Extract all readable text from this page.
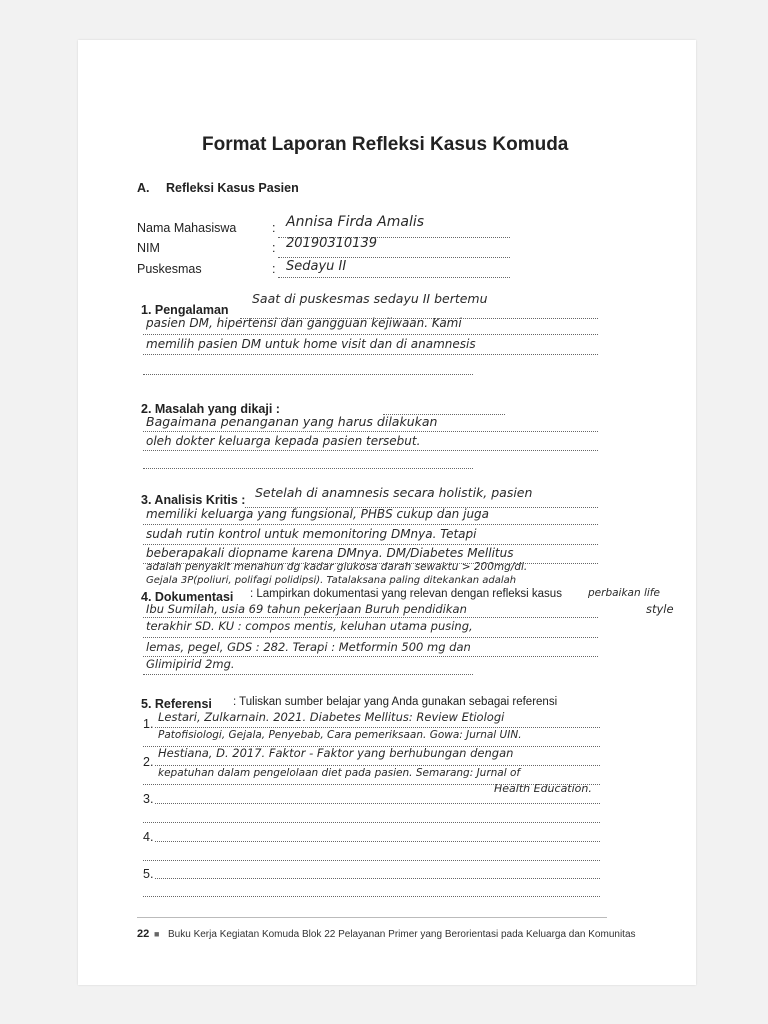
Format Laporan Refleksi Kasus Komuda
A. Refleksi Kasus Pasien
Nama Mahasiswa
NIM
Puskesmas
:
:
:
Annisa Firda Amalis
20190310139
Sedayu II
1. Pengalaman
Saat di puskesmas sedayu II bertemu
pasien DM, hipertensi dan gangguan kejiwaan. Kami
memilih pasien DM untuk home visit dan di anamnesis
2. Masalah yang dikaji :
Bagaimana penanganan yang harus dilakukan
oleh dokter keluarga kepada pasien tersebut.
3. Analisis Kritis : Setelah di anamnesis secara holistik, pasien
memiliki keluarga yang fungsional, PHBS cukup dan juga
sudah rutin kontrol untuk memonitoring DMnya. Tetapi
beberapakali diopname karena DMnya. DM/Diabetes Mellitus
adalah penyakit menahun dg kadar glukosa darah sewaktu > 200mg/dl.
Gejala 3P(poliuri, polifagi polidipsi). Tatalaksana paling ditekankan adalah
4. Dokumentasi : Lampirkan dokumentasi yang relevan dengan refleksi kasus perbaikan life
Ibu Sumilah, usia 69 tahun pekerjaan Buruh pendidikan	style
terakhir SD. KU : compos mentis, keluhan utama pusing,
lemas, pegel, GDS : 282. Terapi : Metformin 500 mg dan
Glimipirid 2mg.
5. Referensi : Tuliskan sumber belajar yang Anda gunakan sebagai referensi
1. Lestari, Zulkarnain. 2021. Diabetes Mellitus: Review Etiologi
Patofisiologi, Gejala, Penyebab, Cara pemeriksaan. Gowa: Jurnal UIN.
2.
Hestiana, D. 2017. Faktor - Faktor yang berhubungan dengan
kepatuhan dalam pengelolaan diet pada pasien. Semarang: Jurnal of
Health Education.
3.
4.
5.
22 ■ Buku Kerja Kegiatan Komuda Blok 22 Pelayanan Primer yang Berorientasi pada Keluarga dan Komunitas
